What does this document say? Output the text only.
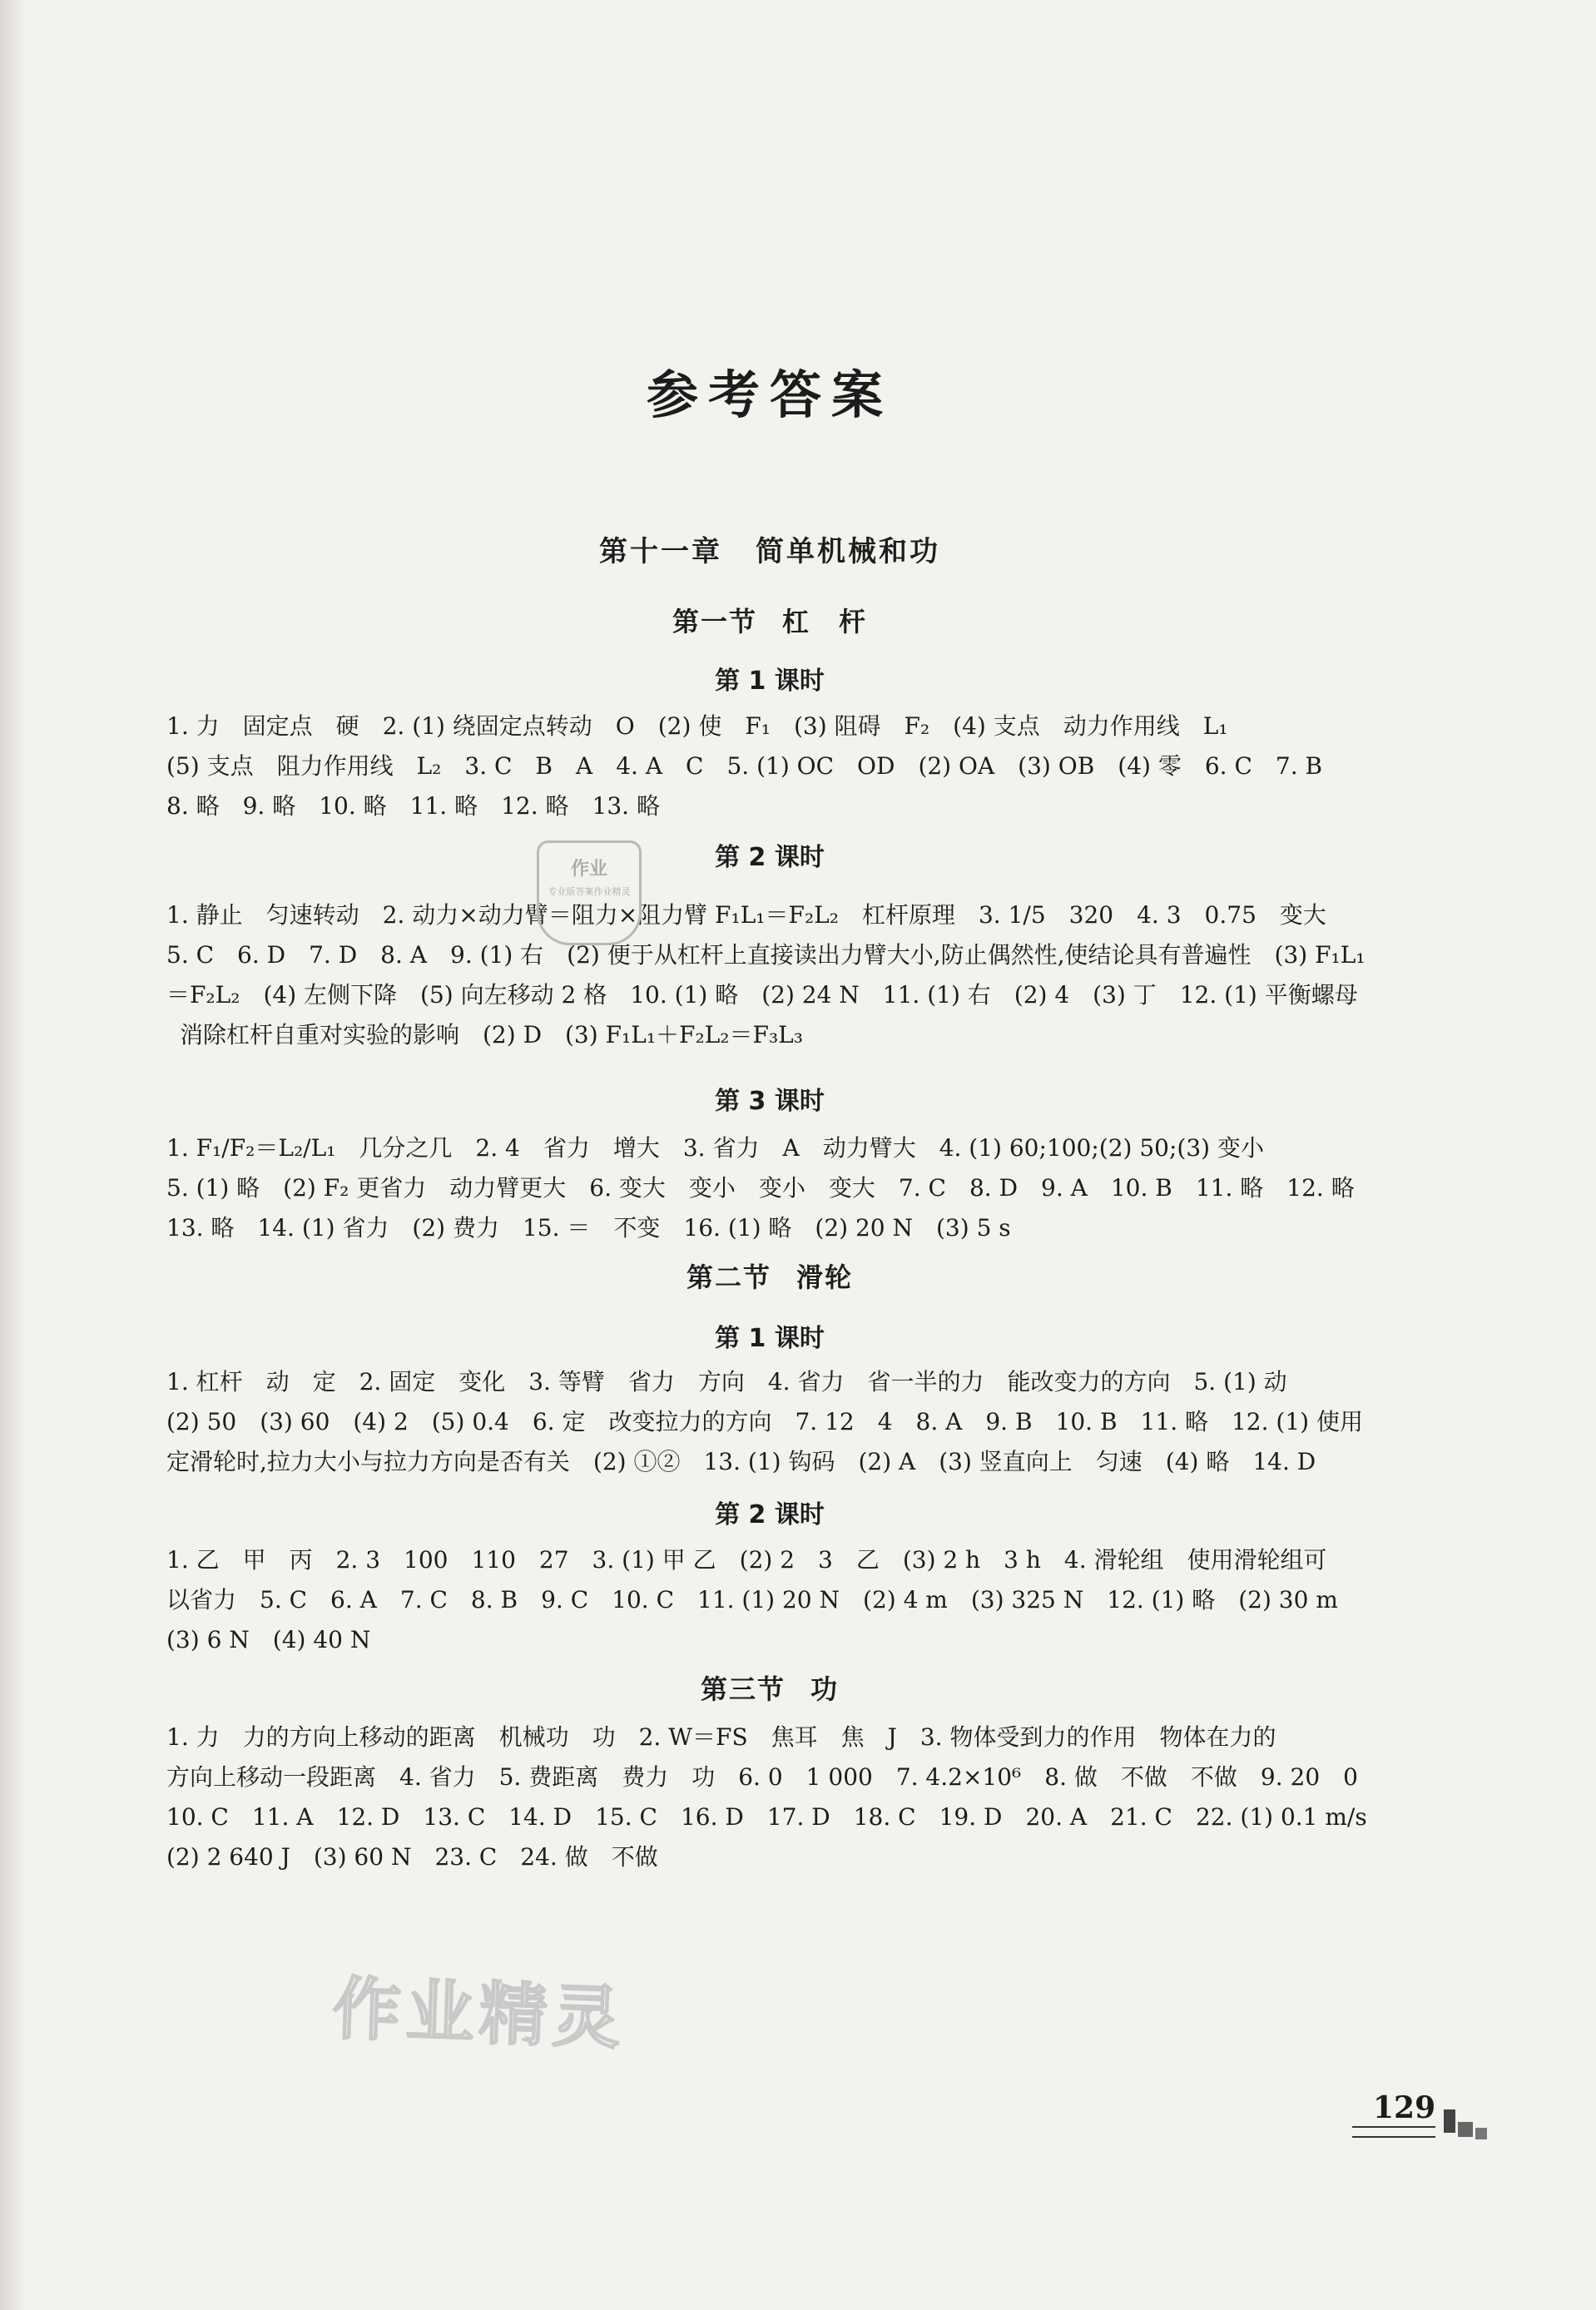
参考答案
第十一章 简单机械和功
第一节 杠　杆
第 1 课时
1. 力　固定点　硬　2. (1) 绕固定点转动　O　(2) 使　F₁　(3) 阻碍　F₂　(4) 支点　动力作用线　L₁
(5) 支点　阻力作用线　L₂　3. C　B　A　4. A　C　5. (1) OC　OD　(2) OA　(3) OB　(4) 零　6. C　7. B
8. 略　9. 略　10. 略　11. 略　12. 略　13. 略
第 2 课时
1. 静止　匀速转动　2. 动力×动力臂＝阻力×阻力臂 F₁L₁＝F₂L₂　杠杆原理　3. 1/5　320　4. 3　0.75　变大
5. C　6. D　7. D　8. A　9. (1) 右　(2) 便于从杠杆上直接读出力臂大小,防止偶然性,使结论具有普遍性　(3) F₁L₁
＝F₂L₂　(4) 左侧下降　(5) 向左移动 2 格　10. (1) 略　(2) 24 N　11. (1) 右　(2) 4　(3) 丁　12. (1) 平衡螺母
消除杠杆自重对实验的影响　(2) D　(3) F₁L₁＋F₂L₂＝F₃L₃
第 3 课时
1. F₁/F₂＝L₂/L₁　几分之几　2. 4　省力　增大　3. 省力　A　动力臂大　4. (1) 60;100;(2) 50;(3) 变小
5. (1) 略　(2) F₂ 更省力　动力臂更大　6. 变大　变小　变小　变大　7. C　8. D　9. A　10. B　11. 略　12. 略
13. 略　14. (1) 省力　(2) 费力　15. ＝　不变　16. (1) 略　(2) 20 N　(3) 5 s
第二节 滑轮
第 1 课时
1. 杠杆　动　定　2. 固定　变化　3. 等臂　省力　方向　4. 省力　省一半的力　能改变力的方向　5. (1) 动
(2) 50　(3) 60　(4) 2　(5) 0.4　6. 定　改变拉力的方向　7. 12　4　8. A　9. B　10. B　11. 略　12. (1) 使用
定滑轮时,拉力大小与拉力方向是否有关　(2) ①②　13. (1) 钩码　(2) A　(3) 竖直向上　匀速　(4) 略　14. D
第 2 课时
1. 乙　甲　丙　2. 3　100　110　27　3. (1) 甲 乙　(2) 2　3　乙　(3) 2 h　3 h　4. 滑轮组　使用滑轮组可
以省力　5. C　6. A　7. C　8. B　9. C　10. C　11. (1) 20 N　(2) 4 m　(3) 325 N　12. (1) 略　(2) 30 m
(3) 6 N　(4) 40 N
第三节 功
1. 力　力的方向上移动的距离　机械功　功　2. W＝FS　焦耳　焦　J　3. 物体受到力的作用　物体在力的
方向上移动一段距离　4. 省力　5. 费距离　费力　功　6. 0　1 000　7. 4.2×10⁶　8. 做　不做　不做　9. 20　0
10. C　11. A　12. D　13. C　14. D　15. C　16. D　17. D　18. C　19. D　20. A　21. C　22. (1) 0.1 m/s
(2) 2 640 J　(3) 60 N　23. C　24. 做　不做
作业
专业版答案作业精灵
作业精灵
129
